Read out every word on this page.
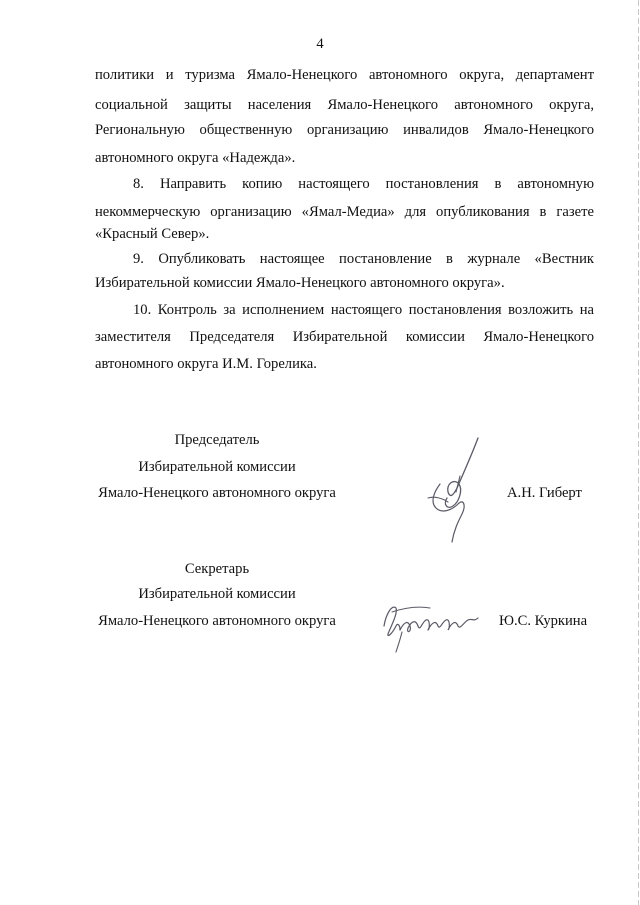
4
политики и туризма Ямало-Ненецкого автономного округа, департамент
социальной защиты населения Ямало-Ненецкого автономного округа,
Региональную общественную организацию инвалидов Ямало-Ненецкого
автономного округа «Надежда».
8. Направить копию настоящего постановления в автономную
некоммерческую организацию «Ямал-Медиа» для опубликования в газете
«Красный Север».
9. Опубликовать настоящее постановление в журнале «Вестник
Избирательной комиссии Ямало-Ненецкого автономного округа».
10. Контроль за исполнением настоящего постановления возложить на
заместителя Председателя Избирательной комиссии Ямало-Ненецкого
автономного округа И.М. Горелика.
Председатель
Избирательной комиссии
Ямало-Ненецкого автономного округа	А.Н. Гиберт
Секретарь
Избирательной комиссии
Ямало-Ненецкого автономного округа	Ю.С. Куркина
